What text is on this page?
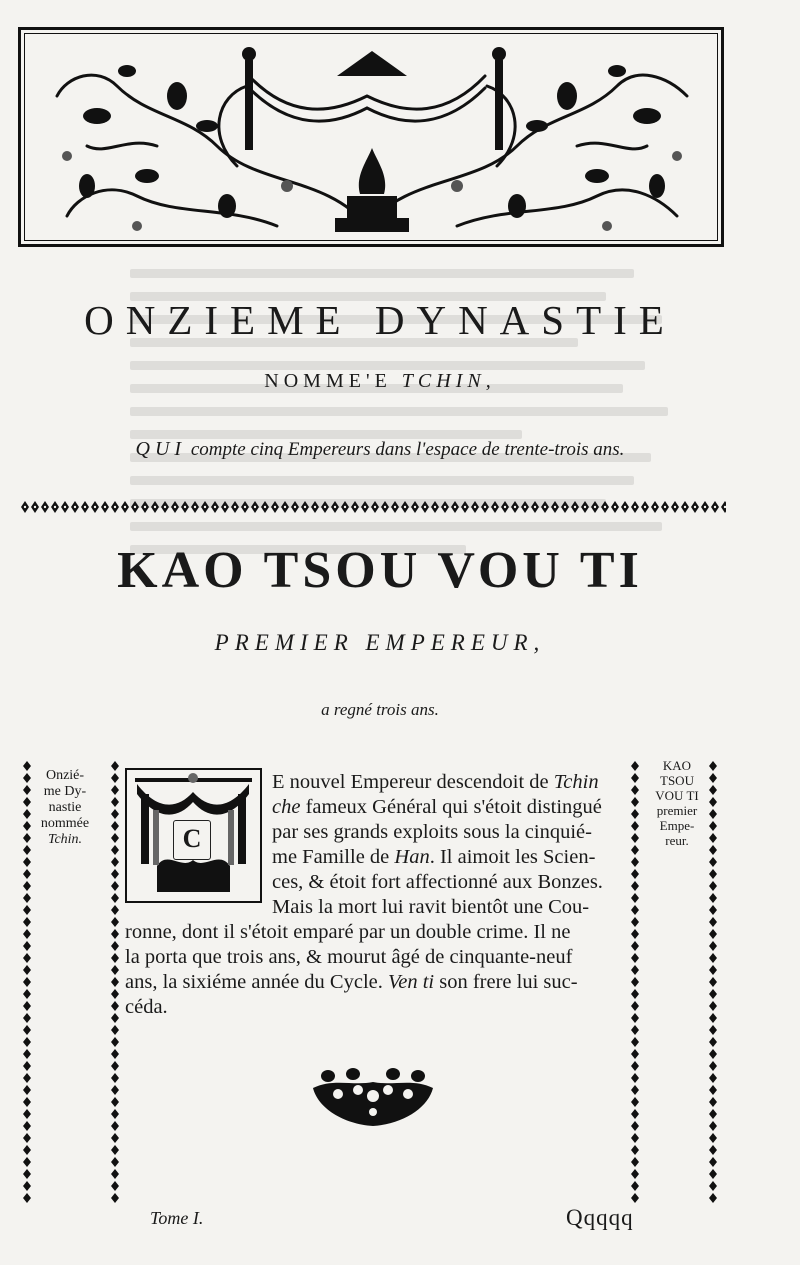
ONZIEME DYNASTIE

NOMME'E TCHIN,

QUI compte cinq Empereurs dans l'espace de trente-trois ans.

KAO TSOU VOU TI

PREMIER EMPEREUR,

a regné trois ans.

Onzié-
me Dy-
nastie
nommée
Tchin.
KAO
TSOU
VOU TI
premier
Empe-
reur.
C

E nouvel Empereur descendoit de Tchin

che fameux Général qui s'étoit distingué

par ses grands exploits sous la cinquié-

me Famille de Han. Il aimoit les Scien-

ces, & étoit fort affectionné aux Bonzes.

Mais la mort lui ravit bientôt une Cou-

ronne, dont il s'étoit emparé par un double crime. Il ne

la porta que trois ans, & mourut âgé de cinquante-neuf

ans, la sixiéme année du Cycle. Ven ti son frere lui suc-

céda.

Tome I.	Qqqqq
